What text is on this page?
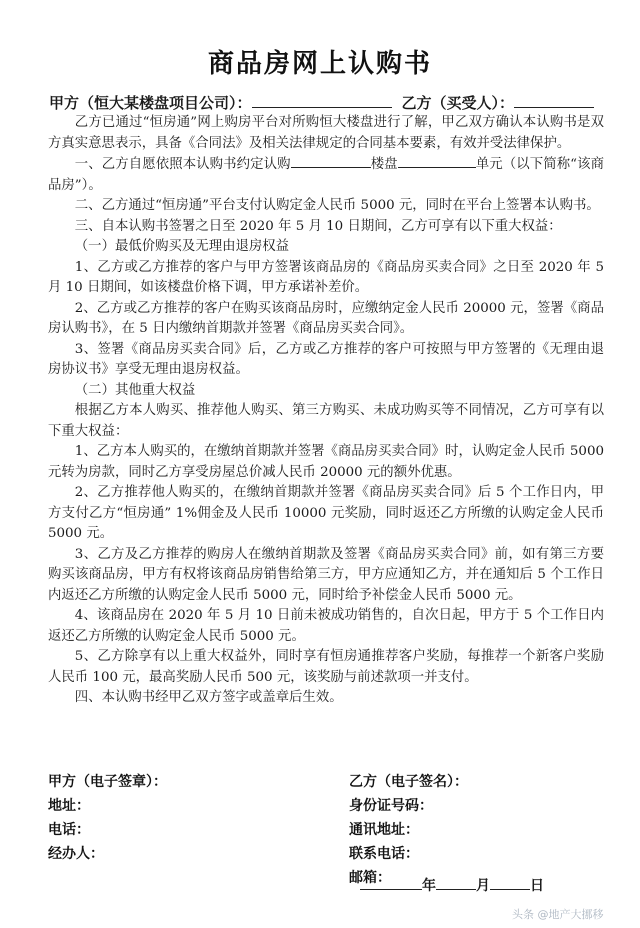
商品房网上认购书
甲方（恒大某楼盘项目公司）：	乙方（买受人）：

乙方已通过“恒房通”网上购房平台对所购恒大楼盘进行了解，甲乙双方确认本认购书是双方真实意思表示，具备《合同法》及相关法律规定的合同基本要素，有效并受法律保护。

一、乙方自愿依照本认购书约定认购	楼盘	单元（以下简称“该商品房”）。

二、乙方通过“恒房通”平台支付认购定金人民币 5000 元，同时在平台上签署本认购书。

三、自本认购书签署之日至 2020 年 5 月 10 日期间，乙方可享有以下重大权益：

（一）最低价购买及无理由退房权益

1、乙方或乙方推荐的客户与甲方签署该商品房的《商品房买卖合同》之日至 2020 年 5 月 10 日期间，如该楼盘价格下调，甲方承诺补差价。

2、乙方或乙方推荐的客户在购买该商品房时，应缴纳定金人民币 20000 元，签署《商品房认购书》，在 5 日内缴纳首期款并签署《商品房买卖合同》。

3、签署《商品房买卖合同》后，乙方或乙方推荐的客户可按照与甲方签署的《无理由退房协议书》享受无理由退房权益。

（二）其他重大权益

根据乙方本人购买、推荐他人购买、第三方购买、未成功购买等不同情况，乙方可享有以下重大权益：

1、乙方本人购买的，在缴纳首期款并签署《商品房买卖合同》时，认购定金人民币 5000 元转为房款，同时乙方享受房屋总价减人民币 20000 元的额外优惠。

2、乙方推荐他人购买的，在缴纳首期款并签署《商品房买卖合同》后 5 个工作日内，甲方支付乙方“恒房通” 1%佣金及人民币 10000 元奖励，同时返还乙方所缴的认购定金人民币 5000 元。

3、乙方及乙方推荐的购房人在缴纳首期款及签署《商品房买卖合同》前，如有第三方要购买该商品房，甲方有权将该商品房销售给第三方，甲方应通知乙方，并在通知后 5 个工作日内返还乙方所缴的认购定金人民币 5000 元，同时给予补偿金人民币 5000 元。

4、该商品房在 2020 年 5 月 10 日前未被成功销售的，自次日起，甲方于 5 个工作日内返还乙方所缴的认购定金人民币 5000 元。

5、乙方除享有以上重大权益外，同时享有恒房通推荐客户奖励，每推荐一个新客户奖励人民币 100 元，最高奖励人民币 500 元，该奖励与前述款项一并支付。

四、本认购书经甲乙双方签字或盖章后生效。

甲方（电子签章）：
地址：
电话：
经办人：
乙方（电子签名）：
身份证号码：
通讯地址：
联系电话：
邮箱：	年	月	日
头条 @地产大挪移
